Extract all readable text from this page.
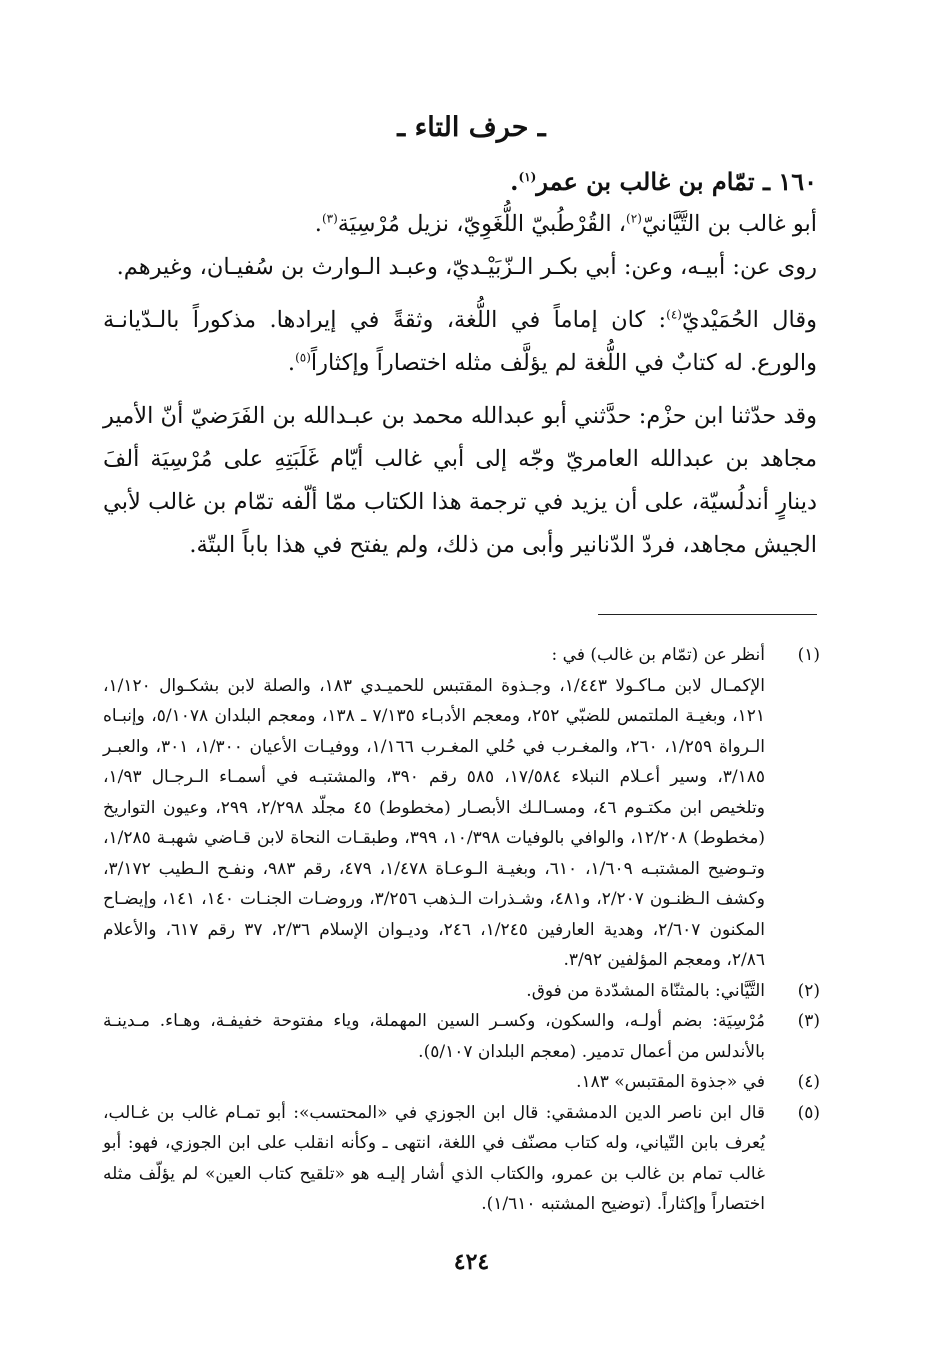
ـ حرف التاء ـ

١٦٠ ـ تمّام بن غالب بن عمر$^{(١)}$.

أبو غالب بن التَّيَّانيّ$^{(٢)}$، القُرْطُبيّ اللُّغَوِيّ، نزيل مُرْسِيَة$^{(٣)}$.

روى عن: أبيـه، وعن: أبي بكـر الـزّبَيْـديّ، وعبـد الـوارث بن سُفيـان، وغيرهم.

وقال الحُمَيْديّ$^{(٤)}$: كان إماماً في اللُّغة، وثقةً في إيرادها. مذكوراً بالـدّيانـة والورع. له كتابٌ في اللُّغة لم يؤلَّف مثله اختصاراً وإكثاراً$^{(٥)}$.

وقد حدّثنا ابن حزْم: حدَّثني أبو عبدالله محمد بن عبـدالله بن الفَرَضيّ أنّ الأمير مجاهد بن عبدالله العامريّ وجّه إلى أبي غالب أيّام غَلَبَتِهِ على مُرْسِيَة ألفَ دينارٍ أندلُسيّة، على أن يزيد في ترجمة هذا الكتاب ممّا ألّفه تمّام بن غالب لأبي الجيش مجاهد، فردّ الدّنانير وأبى من ذلك، ولم يفتح في هذا باباً البتّة.

(١)

أنظر عن (تمّام بن غالب) في :

الإكمـال لابن مـاكـولا ١/٤٤٣، وجـذوة المقتبس للحميـدي ١٨٣، والصلة لابن بشكـوال ١/١٢٠، ١٢١، وبغيـة الملتمس للضبّي ٢٥٢، ومعجم الأدبـاء ٧/١٣٥ ـ ١٣٨، ومعجم البلدان ٥/١٠٧٨، وإنبـاه الـرواة ١/٢٥٩، ٢٦٠، والمغـرب في حُلي المغـرب ١/١٦٦، ووفيـات الأعيان ١/٣٠٠، ٣٠١، والعبـر ٣/١٨٥، وسير أعـلام النبلاء ١٧/٥٨٤، ٥٨٥ رقم ٣٩٠، والمشتبـه في أسمـاء الـرجـال ١/٩٣، وتلخيص ابن مكتـوم ٤٦، ومسـالـك الأبصـار (مخطوط) ٤٥ مجلّد ٢/٢٩٨، ٢٩٩، وعيون التواريخ (مخطوط) ١٢/٢٠٨، والوافي بالوفيات ١٠/٣٩٨، ٣٩٩، وطبقـات النحاة لابن قـاضي شهبـة ١/٢٨٥، وتـوضيح المشتبـه ١/٦٠٩، ٦١٠، وبغيـة الـوعـاة ١/٤٧٨، ٤٧٩، رقم ٩٨٣، ونفـح الـطيب ٣/١٧٢، وكشف الـظنـون ٢/٢٠٧، و٤٨١، وشـذرات الـذهب ٣/٢٥٦، وروضـات الجنـات ١٤٠، ١٤١، وإيضـاح المكنون ٢/٦٠٧، وهدية العارفين ١/٢٤٥، ٢٤٦، وديـوان الإسلام ٢/٣٦، ٣٧ رقم ٦١٧، والأعلام ٢/٨٦، ومعجم المؤلفين ٣/٩٢.

(٢)

التَّيَّاني: بالمثنّاة المشدّدة من فوق.

(٣)

مُرْسِيَة: بضم أولـه، والسكون، وكسـر السين المهملة، وياء مفتوحة خفيفـة، وهـاء. مـدينـة بالأندلس من أعمال تدمير. (معجم البلدان ٥/١٠٧).

(٤)

في «جذوة المقتبس» ١٨٣.

(٥)

قال ابن ناصر الدين الدمشقي: قال ابن الجوزي في «المحتسب»: أبو تمـام غالب بن غـالب، يُعرف بابن التّياني، وله كتاب مصنّف في اللغة، انتهى ـ وكأنه انقلب على ابن الجوزي، فهو: أبو غالب تمام بن غالب بن عمرو، والكتاب الذي أشار إليـه هو «تلقيح كتاب العين» لم يؤلّف مثله اختصاراً وإكثاراً. (توضيح المشتبه ١/٦١٠).

٤٢٤
